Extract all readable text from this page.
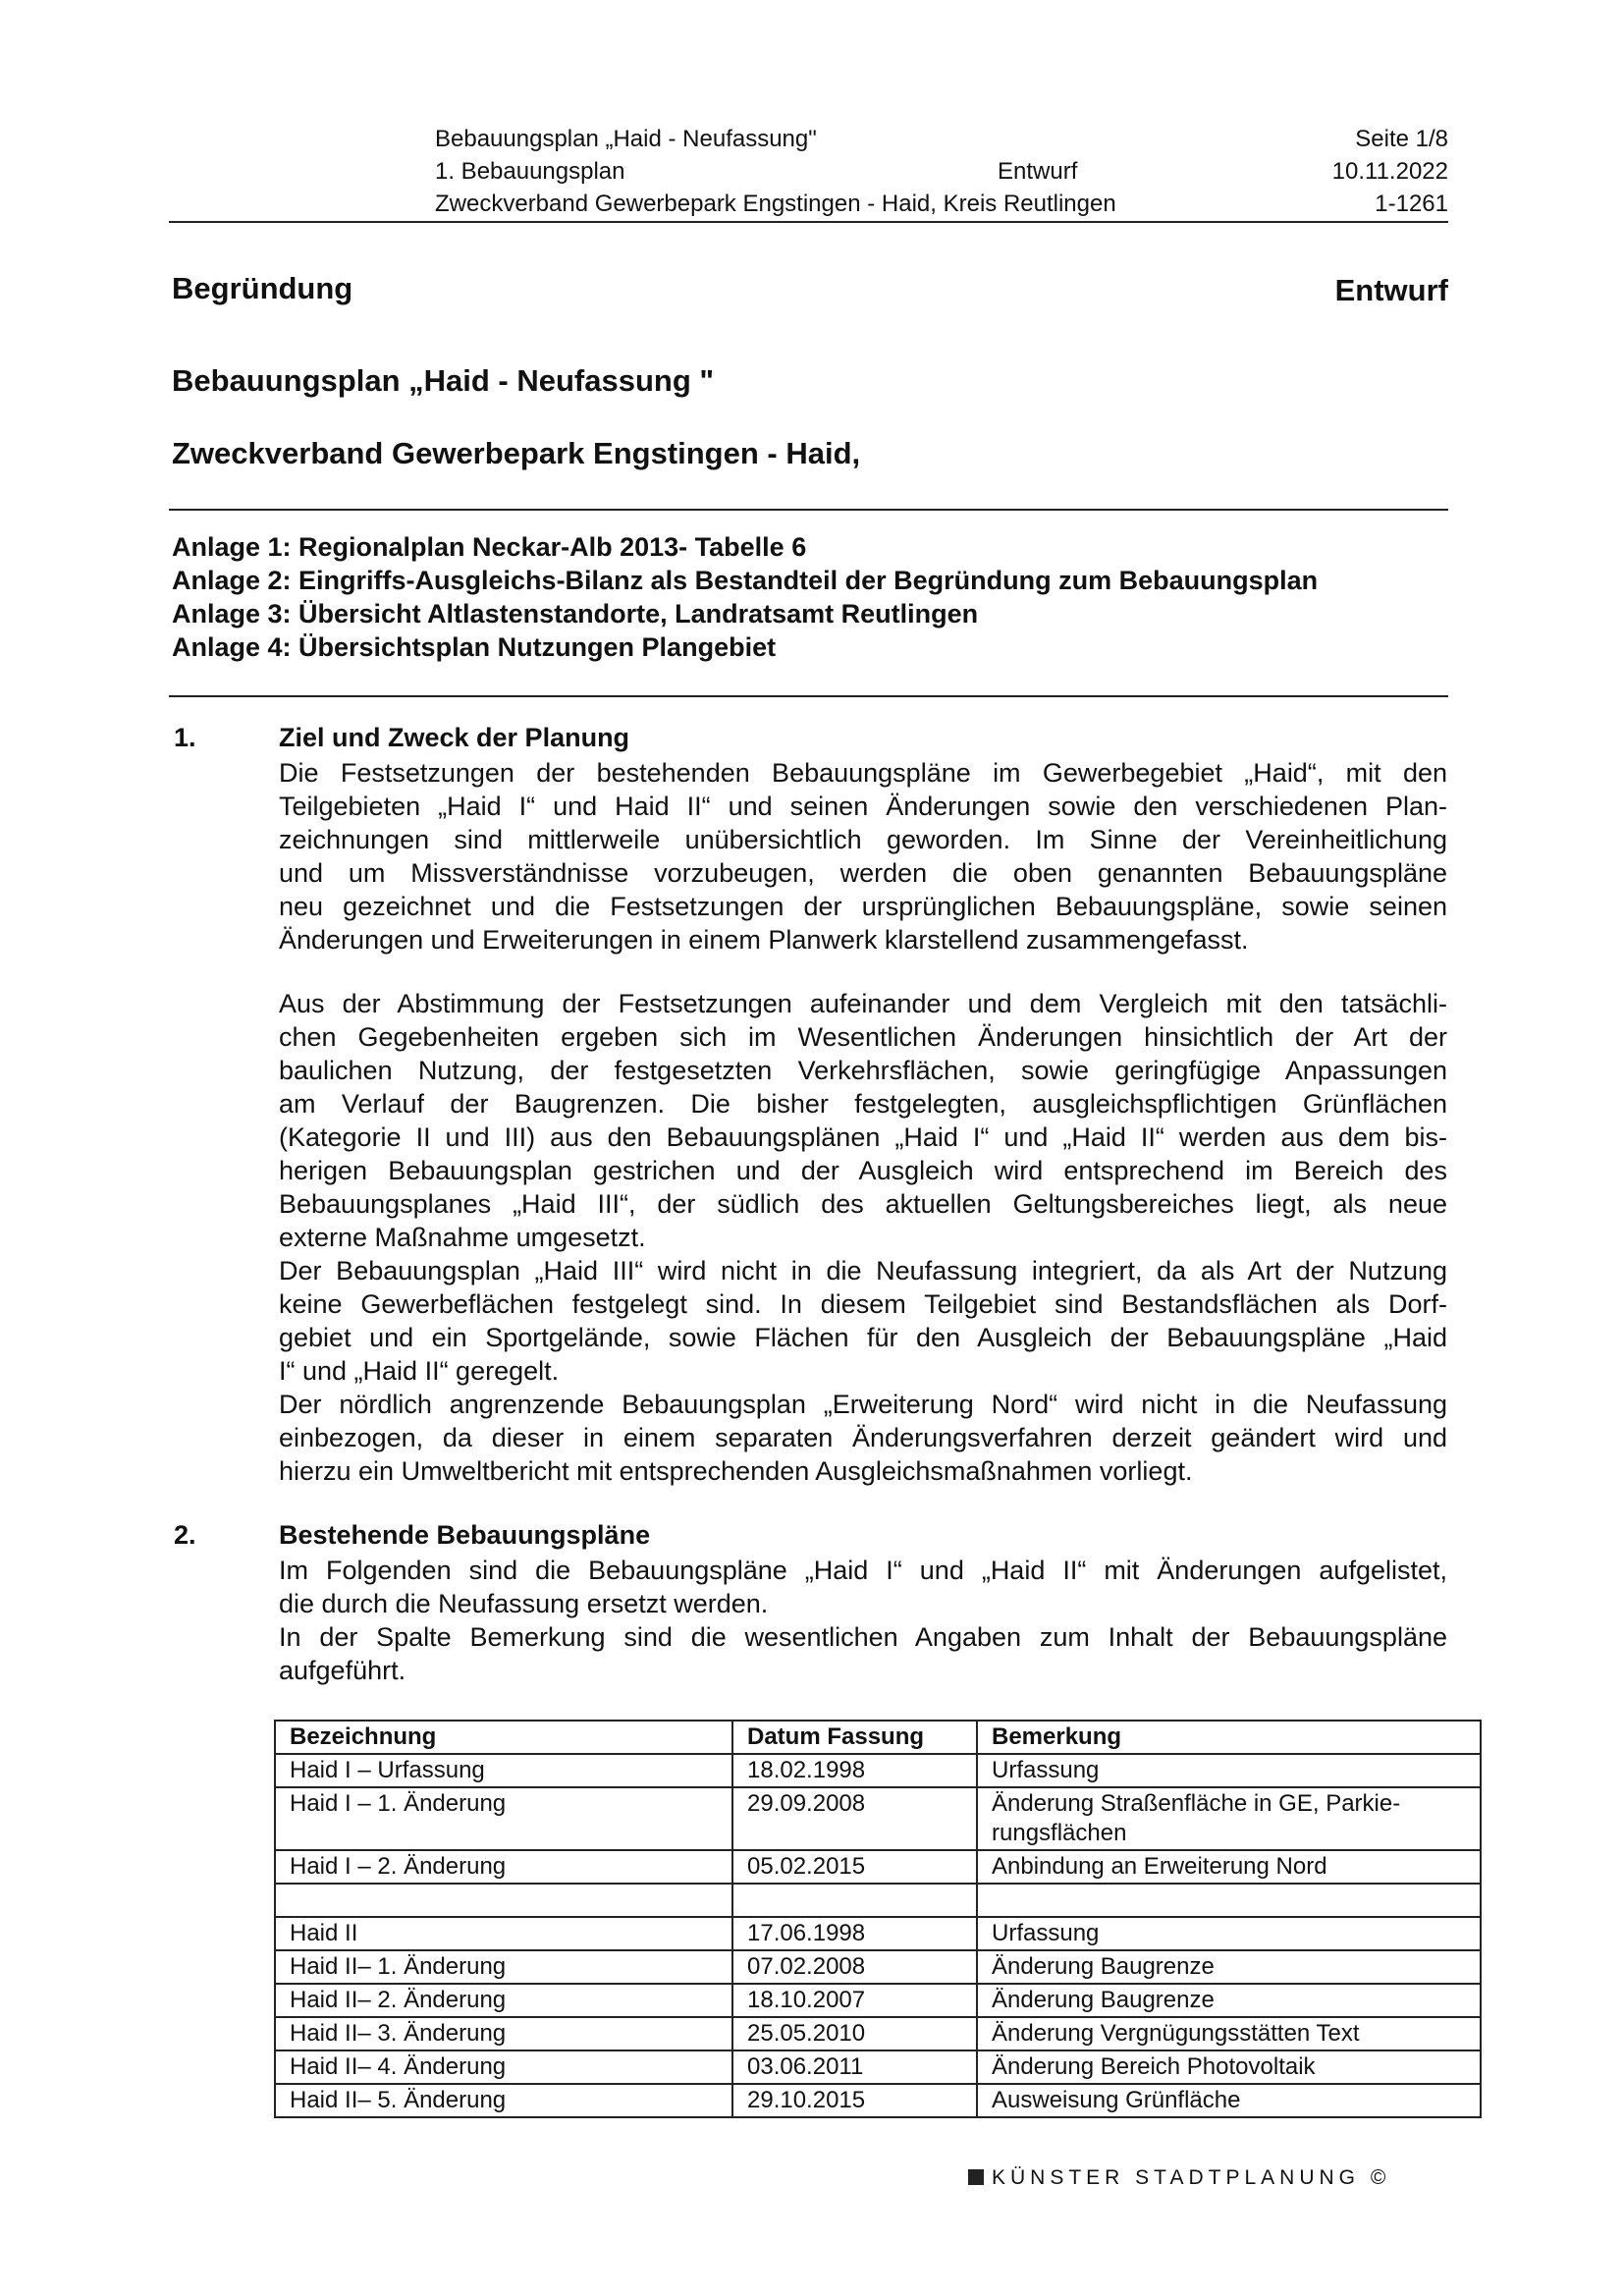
Bebauungsplan „Haid - Neufassung"	Seite 1/8
1. Bebauungsplan	Entwurf	10.11.2022
Zweckverband Gewerbepark Engstingen - Haid, Kreis Reutlingen	1-1261
Begründung	Entwurf
Bebauungsplan „Haid - Neufassung "
Zweckverband Gewerbepark Engstingen - Haid,
Anlage 1: Regionalplan Neckar-Alb 2013- Tabelle 6
Anlage 2: Eingriffs-Ausgleichs-Bilanz als Bestandteil der Begründung zum Bebauungsplan
Anlage 3: Übersicht Altlastenstandorte, Landratsamt Reutlingen
Anlage 4: Übersichtsplan Nutzungen Plangebiet
1.	Ziel und Zweck der Planung
Die Festsetzungen der bestehenden Bebauungspläne im Gewerbegebiet „Haid“, mit den
Teilgebieten „Haid I“ und Haid II“ und seinen Änderungen sowie den verschiedenen Plan-
zeichnungen sind mittlerweile unübersichtlich geworden. Im Sinne der Vereinheitlichung
und um Missverständnisse vorzubeugen, werden die oben genannten Bebauungspläne
neu gezeichnet und die Festsetzungen der ursprünglichen Bebauungspläne, sowie seinen
Änderungen und Erweiterungen in einem Planwerk klarstellend zusammengefasst.
Aus der Abstimmung der Festsetzungen aufeinander und dem Vergleich mit den tatsächli-
chen Gegebenheiten ergeben sich im Wesentlichen Änderungen hinsichtlich der Art der
baulichen Nutzung, der festgesetzten Verkehrsflächen, sowie geringfügige Anpassungen
am Verlauf der Baugrenzen. Die bisher festgelegten, ausgleichspflichtigen Grünflächen
(Kategorie II und III) aus den Bebauungsplänen „Haid I“ und „Haid II“ werden aus dem bis-
herigen Bebauungsplan gestrichen und der Ausgleich wird entsprechend im Bereich des
Bebauungsplanes „Haid III“, der südlich des aktuellen Geltungsbereiches liegt, als neue
externe Maßnahme umgesetzt.
Der Bebauungsplan „Haid III“ wird nicht in die Neufassung integriert, da als Art der Nutzung
keine Gewerbeflächen festgelegt sind. In diesem Teilgebiet sind Bestandsflächen als Dorf-
gebiet und ein Sportgelände, sowie Flächen für den Ausgleich der Bebauungspläne „Haid
I“ und „Haid II“ geregelt.
Der nördlich angrenzende Bebauungsplan „Erweiterung Nord“ wird nicht in die Neufassung
einbezogen, da dieser in einem separaten Änderungsverfahren derzeit geändert wird und
hierzu ein Umweltbericht mit entsprechenden Ausgleichsmaßnahmen vorliegt.
2.	Bestehende Bebauungspläne
Im Folgenden sind die Bebauungspläne „Haid I“ und „Haid II“ mit Änderungen aufgelistet,
die durch die Neufassung ersetzt werden.
In der Spalte Bemerkung sind die wesentlichen Angaben zum Inhalt der Bebauungspläne
aufgeführt.
Bezeichnung	Datum Fassung	Bemerkung
Haid I – Urfassung	18.02.1998	Urfassung
Haid I – 1. Änderung	29.09.2008	Änderung Straßenfläche in GE, Parkie-
rungsflächen
Haid I – 2. Änderung	05.02.2015	Anbindung an Erweiterung Nord

Haid II	17.06.1998	Urfassung
Haid II– 1. Änderung	07.02.2008	Änderung Baugrenze
Haid II– 2. Änderung	18.10.2007	Änderung Baugrenze
Haid II– 3. Änderung	25.05.2010	Änderung Vergnügungsstätten Text
Haid II– 4. Änderung	03.06.2011	Änderung Bereich Photovoltaik
Haid II– 5. Änderung	29.10.2015	Ausweisung Grünfläche
KÜNSTER STADTPLANUNG ©
